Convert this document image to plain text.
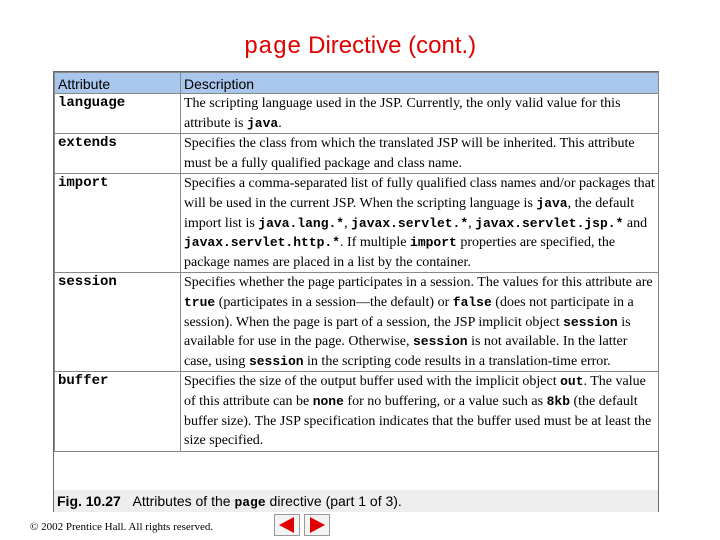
page Directive (cont.)
Attribute	Description
language	The scripting language used in the JSP. Currently, the only valid value for this attribute is java.
extends	Specifies the class from which the translated JSP will be inherited. This attribute must be a fully qualified package and class name.
import	Specifies a comma-separated list of fully qualified class names and/or packages that will be used in the current JSP. When the scripting language is java, the default import list is java.lang.*, javax.servlet.*, javax.servlet.jsp.* and javax.servlet.http.*. If multiple import properties are specified, the package names are placed in a list by the container.
session	Specifies whether the page participates in a session. The values for this attribute are true (participates in a session—the default) or false (does not participate in a session). When the page is part of a session, the JSP implicit object session is available for use in the page. Otherwise, session is not available. In the latter case, using session in the scripting code results in a translation-time error.
buffer	Specifies the size of the output buffer used with the implicit object out. The value of this attribute can be none for no buffering, or a value such as 8kb (the default buffer size). The JSP specification indicates that the buffer used must be at least the size specified.
Fig. 10.27 Attributes of the page directive (part 1 of 3).
© 2002 Prentice Hall. All rights reserved.
